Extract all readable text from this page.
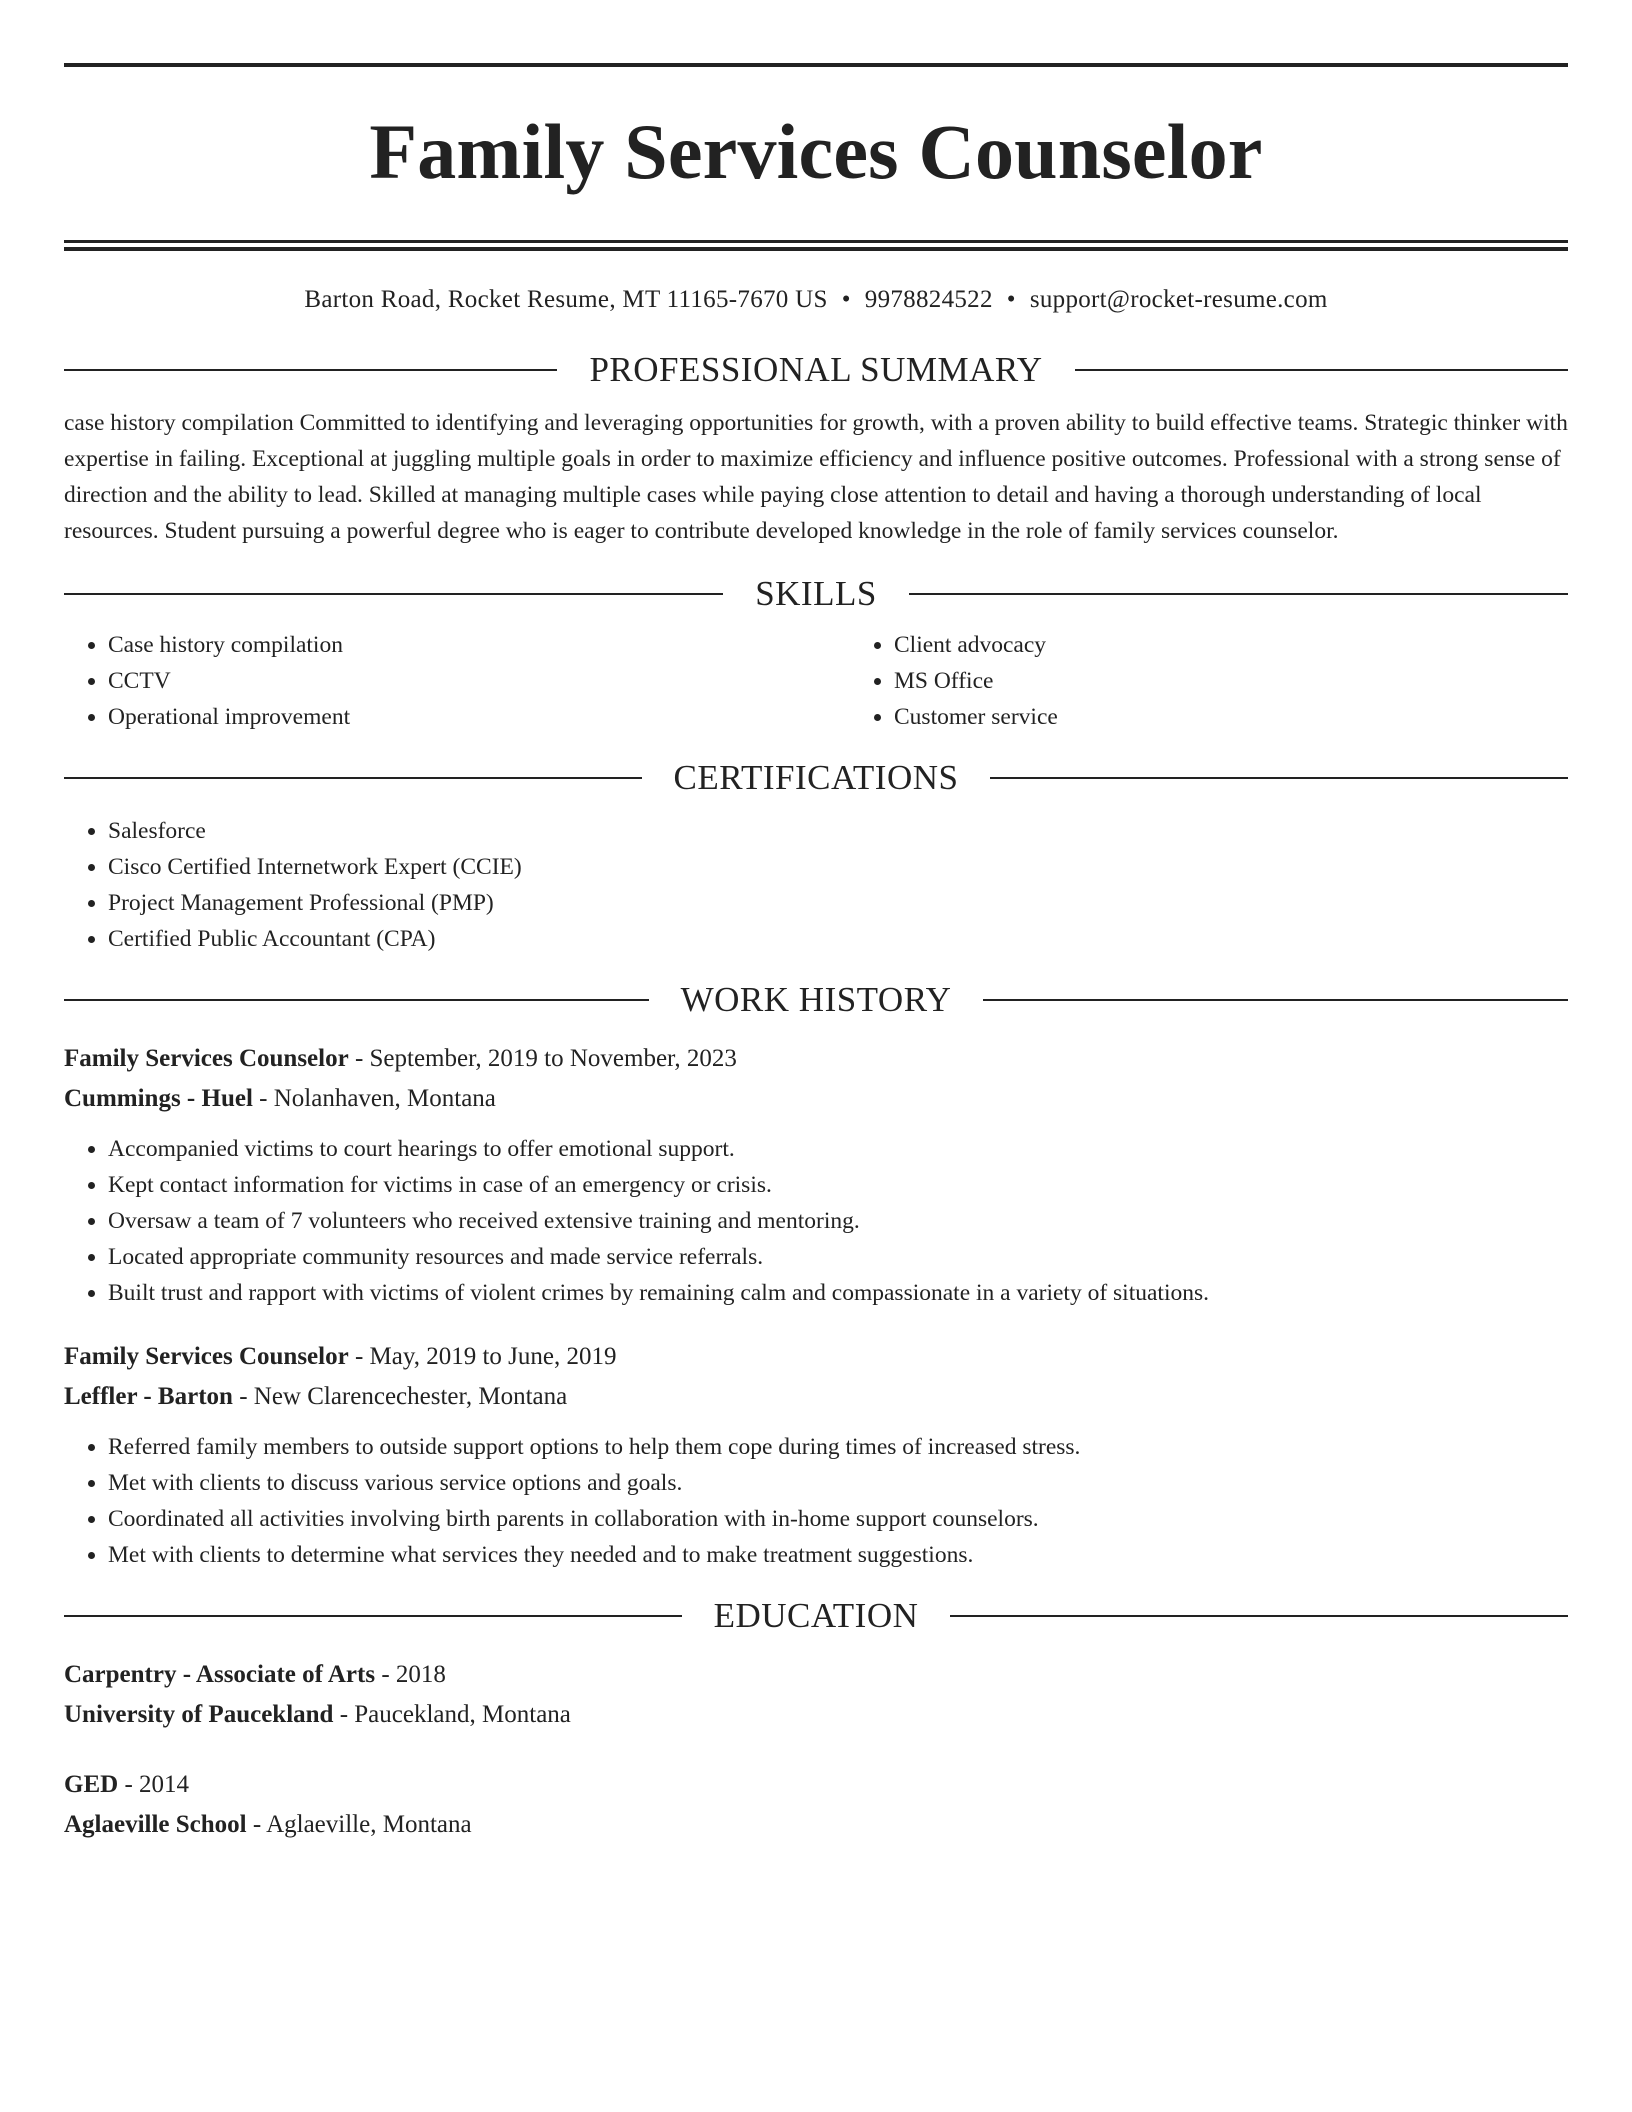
Family Services Counselor
Barton Road, Rocket Resume, MT 11165-7670 US • 9978824522 • support@rocket-resume.com
PROFESSIONAL SUMMARY

case history compilation Committed to identifying and leveraging opportunities for growth, with a proven ability to build effective teams. Strategic thinker with expertise in failing. Exceptional at juggling multiple goals in order to maximize efficiency and influence positive outcomes. Professional with a strong sense of direction and the ability to lead. Skilled at managing multiple cases while paying close attention to detail and having a thorough understanding of local resources. Student pursuing a powerful degree who is eager to contribute developed knowledge in the role of family services counselor.

SKILLS
• Case history compilation
• CCTV
• Operational improvement
• Client advocacy
• MS Office
• Customer service
CERTIFICATIONS
• Salesforce
• Cisco Certified Internetwork Expert (CCIE)
• Project Management Professional (PMP)
• Certified Public Accountant (CPA)
WORK HISTORY
Family Services Counselor - September, 2019 to November, 2023
Cummings - Huel - Nolanhaven, Montana
• Accompanied victims to court hearings to offer emotional support.
• Kept contact information for victims in case of an emergency or crisis.
• Oversaw a team of 7 volunteers who received extensive training and mentoring.
• Located appropriate community resources and made service referrals.
• Built trust and rapport with victims of violent crimes by remaining calm and compassionate in a variety of situations.
Family Services Counselor - May, 2019 to June, 2019
Leffler - Barton - New Clarencechester, Montana
• Referred family members to outside support options to help them cope during times of increased stress.
• Met with clients to discuss various service options and goals.
• Coordinated all activities involving birth parents in collaboration with in-home support counselors.
• Met with clients to determine what services they needed and to make treatment suggestions.
EDUCATION
Carpentry - Associate of Arts - 2018
University of Paucekland - Paucekland, Montana
GED - 2014
Aglaeville School - Aglaeville, Montana
